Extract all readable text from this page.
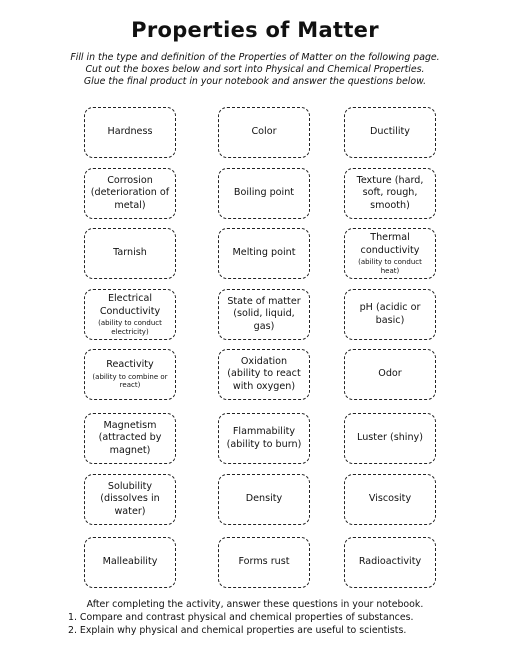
Properties of Matter
Fill in the type and definition of the Properties of Matter on the following page.
Cut out the boxes below and sort into Physical and Chemical Properties.
Glue the final product in your notebook and answer the questions below.
Hardness	Color	Ductility
Corrosion (deterioration of metal)
Boiling point
Texture (hard, soft, rough, smooth)
Tarnish	Melting point
Thermal conductivity
(ability to conduct heat)
Electrical Conductivity
(ability to conduct electricity)
State of matter (solid, liquid, gas)
pH (acidic or basic)
Reactivity
(ability to combine or react)
Oxidation (ability to react with oxygen)
Odor
Magnetism (attracted by magnet)
Flammability (ability to burn)
Luster (shiny)
Solubility (dissolves in water)
Density	Viscosity
Malleability	Forms rust	Radioactivity
After completing the activity, answer these questions in your notebook.
1. Compare and contrast physical and chemical properties of substances.
2. Explain why physical and chemical properties are useful to scientists.
